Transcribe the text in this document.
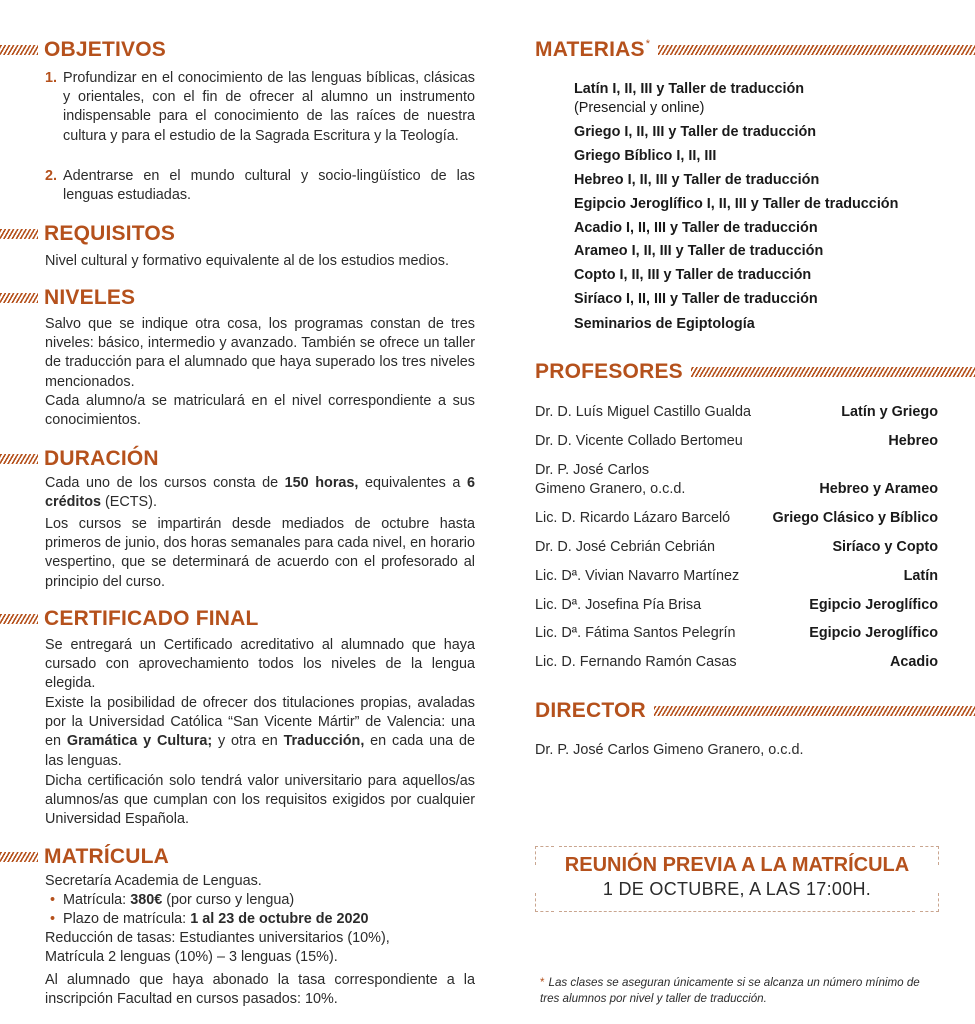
OBJETIVOS
1. Profundizar en el conocimiento de las lenguas bíblicas, clásicas y orientales, con el fin de ofrecer al alumno un instrumento indispensable para el conocimiento de las raíces de nuestra cultura y para el estudio de la Sagrada Escritura y la Teología.
2. Adentrarse en el mundo cultural y socio-lingüístico de las lenguas estudiadas.
REQUISITOS
Nivel cultural y formativo equivalente al de los estudios medios.
NIVELES
Salvo que se indique otra cosa, los programas constan de tres niveles: básico, intermedio y avanzado. También se ofrece un taller de traducción para el alumnado que haya superado los tres niveles mencionados.
Cada alumno/a se matriculará en el nivel correspondiente a sus conocimientos.
DURACIÓN
Cada uno de los cursos consta de 150 horas, equivalentes a 6 créditos (ECTS).
Los cursos se impartirán desde mediados de octubre hasta primeros de junio, dos horas semanales para cada nivel, en horario vespertino, que se determinará de acuerdo con el profesorado al principio del curso.
CERTIFICADO FINAL
Se entregará un Certificado acreditativo al alumnado que haya cursado con aprovechamiento todos los niveles de la lengua elegida.
Existe la posibilidad de ofrecer dos titulaciones propias, avaladas por la Universidad Católica “San Vicente Mártir” de Valencia: una en Gramática y Cultura; y otra en Traducción, en cada una de las lenguas.
Dicha certificación solo tendrá valor universitario para aquellos/as alumnos/as que cumplan con los requisitos exigidos por cualquier Universidad Española.
MATRÍCULA
Secretaría Academia de Lenguas.
• Matrícula: 380€ (por curso y lengua)
• Plazo de matrícula: 1 al 23 de octubre de 2020
Reducción de tasas: Estudiantes universitarios (10%),
Matrícula 2 lenguas (10%) – 3 lenguas (15%).
Al alumnado que haya abonado la tasa correspondiente a la inscripción Facultad en cursos pasados: 10%.
MATERIAS*
Latín I, II, III y Taller de traducción
(Presencial y online)
Griego I, II, III y Taller de traducción
Griego Bíblico I, II, III
Hebreo I, II, III y Taller de traducción
Egipcio Jeroglífico I, II, III y Taller de traducción
Acadio I, II, III y Taller de traducción
Arameo I, II, III y Taller de traducción
Copto I, II, III y Taller de traducción
Siríaco I, II, III y Taller de traducción
Seminarios de Egiptología
PROFESORES
Dr. D. Luís Miguel Castillo Gualda	Latín y Griego
Dr. D. Vicente Collado Bertomeu	Hebreo
Dr. P. José Carlos
Gimeno Granero, o.c.d.	Hebreo y Arameo
Lic. D. Ricardo Lázaro Barceló	Griego Clásico y Bíblico
Dr. D. José Cebrián Cebrián	Siríaco y Copto
Lic. Dª. Vivian Navarro Martínez	Latín
Lic. Dª. Josefina Pía Brisa	Egipcio Jeroglífico
Lic. Dª. Fátima Santos Pelegrín	Egipcio Jeroglífico
Lic. D. Fernando Ramón Casas	Acadio
DIRECTOR
Dr. P. José Carlos Gimeno Granero, o.c.d.
REUNIÓN PREVIA A LA MATRÍCULA
1 DE OCTUBRE, A LAS 17:00H.
* Las clases se aseguran únicamente si se alcanza un número mínimo de tres alumnos por nivel y taller de traducción.
